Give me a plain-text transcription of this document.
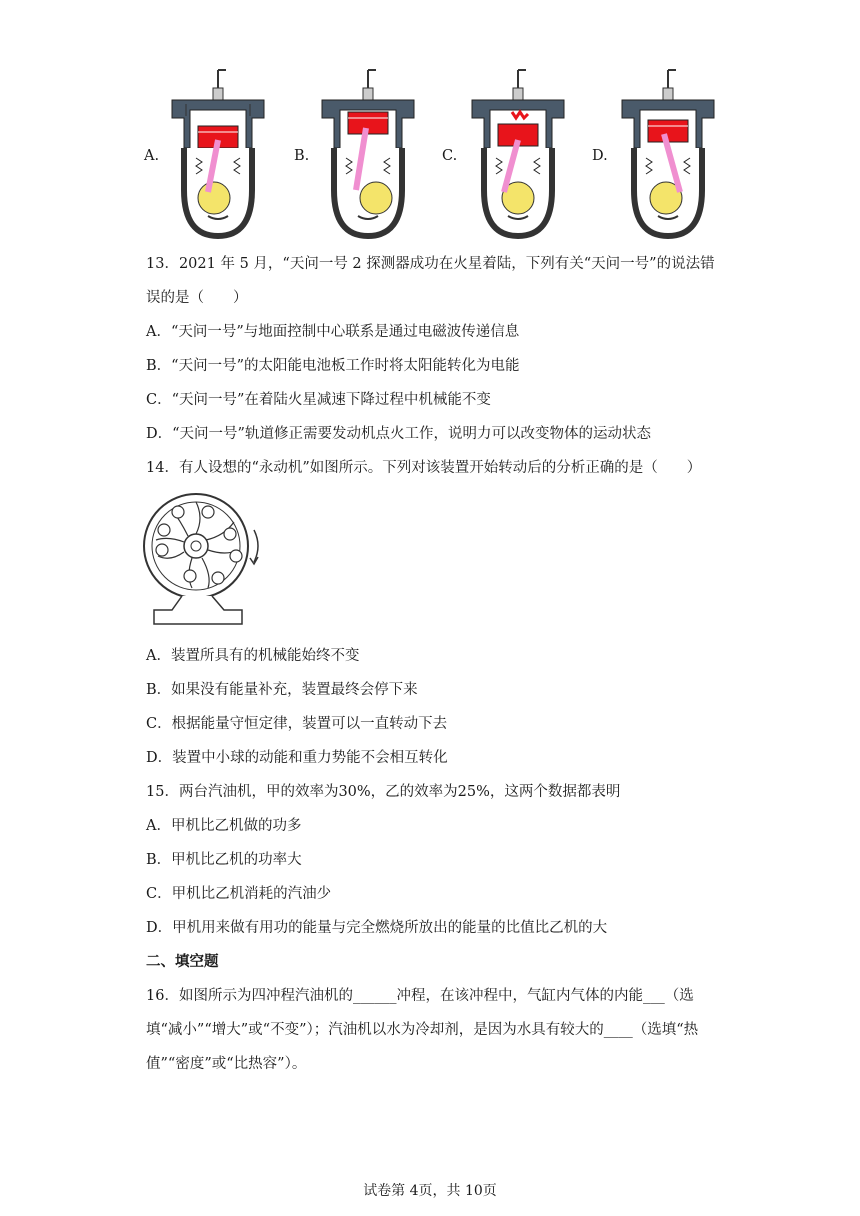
A.	B.	C.	D.
13．2021 年 5 月，“天问一号 2 探测器成功在火星着陆，下列有关“天问一号”的说法错
误的是（　　）
A．“天问一号”与地面控制中心联系是通过电磁波传递信息
B．“天问一号”的太阳能电池板工作时将太阳能转化为电能
C．“天问一号”在着陆火星减速下降过程中机械能不变
D．“天问一号”轨道修正需要发动机点火工作，说明力可以改变物体的运动状态
14．有人设想的“永动机”如图所示。下列对该装置开始转动后的分析正确的是（　　）
A．装置所具有的机械能始终不变
B．如果没有能量补充，装置最终会停下来
C．根据能量守恒定律，装置可以一直转动下去
D．装置中小球的动能和重力势能不会相互转化
15．两台汽油机，甲的效率为30%，乙的效率为25%，这两个数据都表明
A．甲机比乙机做的功多
B．甲机比乙机的功率大
C．甲机比乙机消耗的汽油少
D．甲机用来做有用功的能量与完全燃烧所放出的能量的比值比乙机的大
二、填空题
16．如图所示为四冲程汽油机的______冲程，在该冲程中，气缸内气体的内能___（选
填“减小”“增大”或“不变”）；汽油机以水为冷却剂，是因为水具有较大的____（选填“热
值”“密度”或“比热容”）。
试卷第 4页，共 10页
